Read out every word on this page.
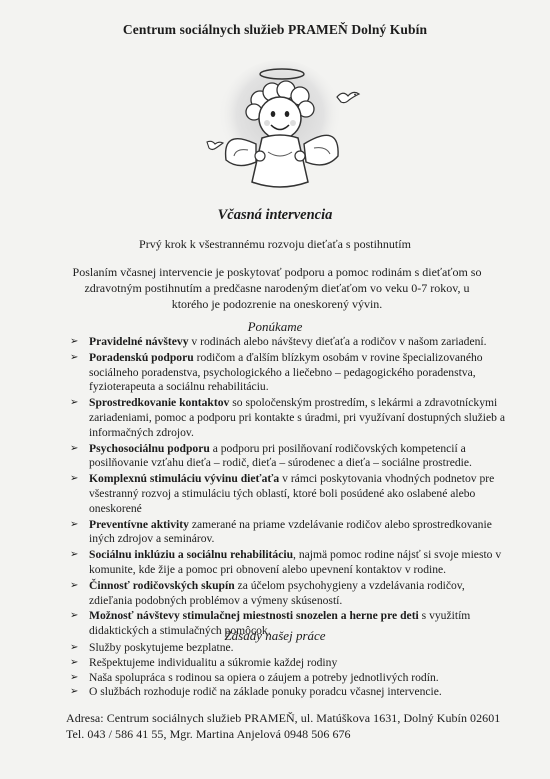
Centrum sociálnych služieb PRAMEŇ Dolný Kubín
Včasná intervencia
Prvý krok k všestrannému rozvoju dieťaťa s postihnutím
Poslaním včasnej intervencie je poskytovať podporu a pomoc rodinám s dieťaťom so zdravotným postihnutím a predčasne narodeným dieťaťom vo veku 0-7 rokov, u ktorého je podozrenie na oneskorený vývin.
Ponúkame
➢ Pravidelné návštevy v rodinách alebo návštevy dieťaťa a rodičov v našom zariadení.
➢ Poradenskú podporu rodičom a ďalším blízkym osobám v rovine špecializovaného sociálneho poradenstva, psychologického a liečebno – pedagogického poradenstva, fyzioterapeuta a sociálnu rehabilitáciu.
➢ Sprostredkovanie kontaktov so spoločenským prostredím, s lekármi a zdravotníckymi zariadeniami, pomoc a podporu pri kontakte s úradmi, pri využívaní dostupných služieb a informačných zdrojov.
➢ Psychosociálnu podporu a podporu pri posilňovaní rodičovských kompetencií a posilňovanie vzťahu dieťa – rodič, dieťa – súrodenec a dieťa – sociálne prostredie.
➢ Komplexnú stimuláciu vývinu dieťaťa v rámci poskytovania vhodných podnetov pre všestranný rozvoj a stimuláciu tých oblastí, ktoré boli posúdené ako oslabené alebo oneskorené
➢ Preventívne aktivity zamerané na priame vzdelávanie rodičov alebo sprostredkovanie iných zdrojov a seminárov.
➢ Sociálnu inklúziu a sociálnu rehabilitáciu, najmä pomoc rodine nájsť si svoje miesto v komunite, kde žije a pomoc pri obnovení alebo upevnení kontaktov v rodine.
➢ Činnosť rodičovských skupín za účelom psychohygieny a vzdelávania rodičov, zdieľania podobných problémov a výmeny skúseností.
➢ Možnosť návštevy stimulačnej miestnosti snozelen a herne pre deti s využitím didaktických a stimulačných pomôcok.
Zásady našej práce
➢ Služby poskytujeme bezplatne.
➢ Rešpektujeme individualitu a súkromie každej rodiny
➢ Naša spolupráca s rodinou sa opiera o záujem a potreby jednotlivých rodín.
➢ O službách rozhoduje rodič na základe ponuky poradcu včasnej intervencie.
Adresa: Centrum sociálnych služieb PRAMEŇ, ul. Matúškova 1631, Dolný Kubín 02601
Tel. 043 / 586 41 55, Mgr. Martina Anjelová 0948 506 676
